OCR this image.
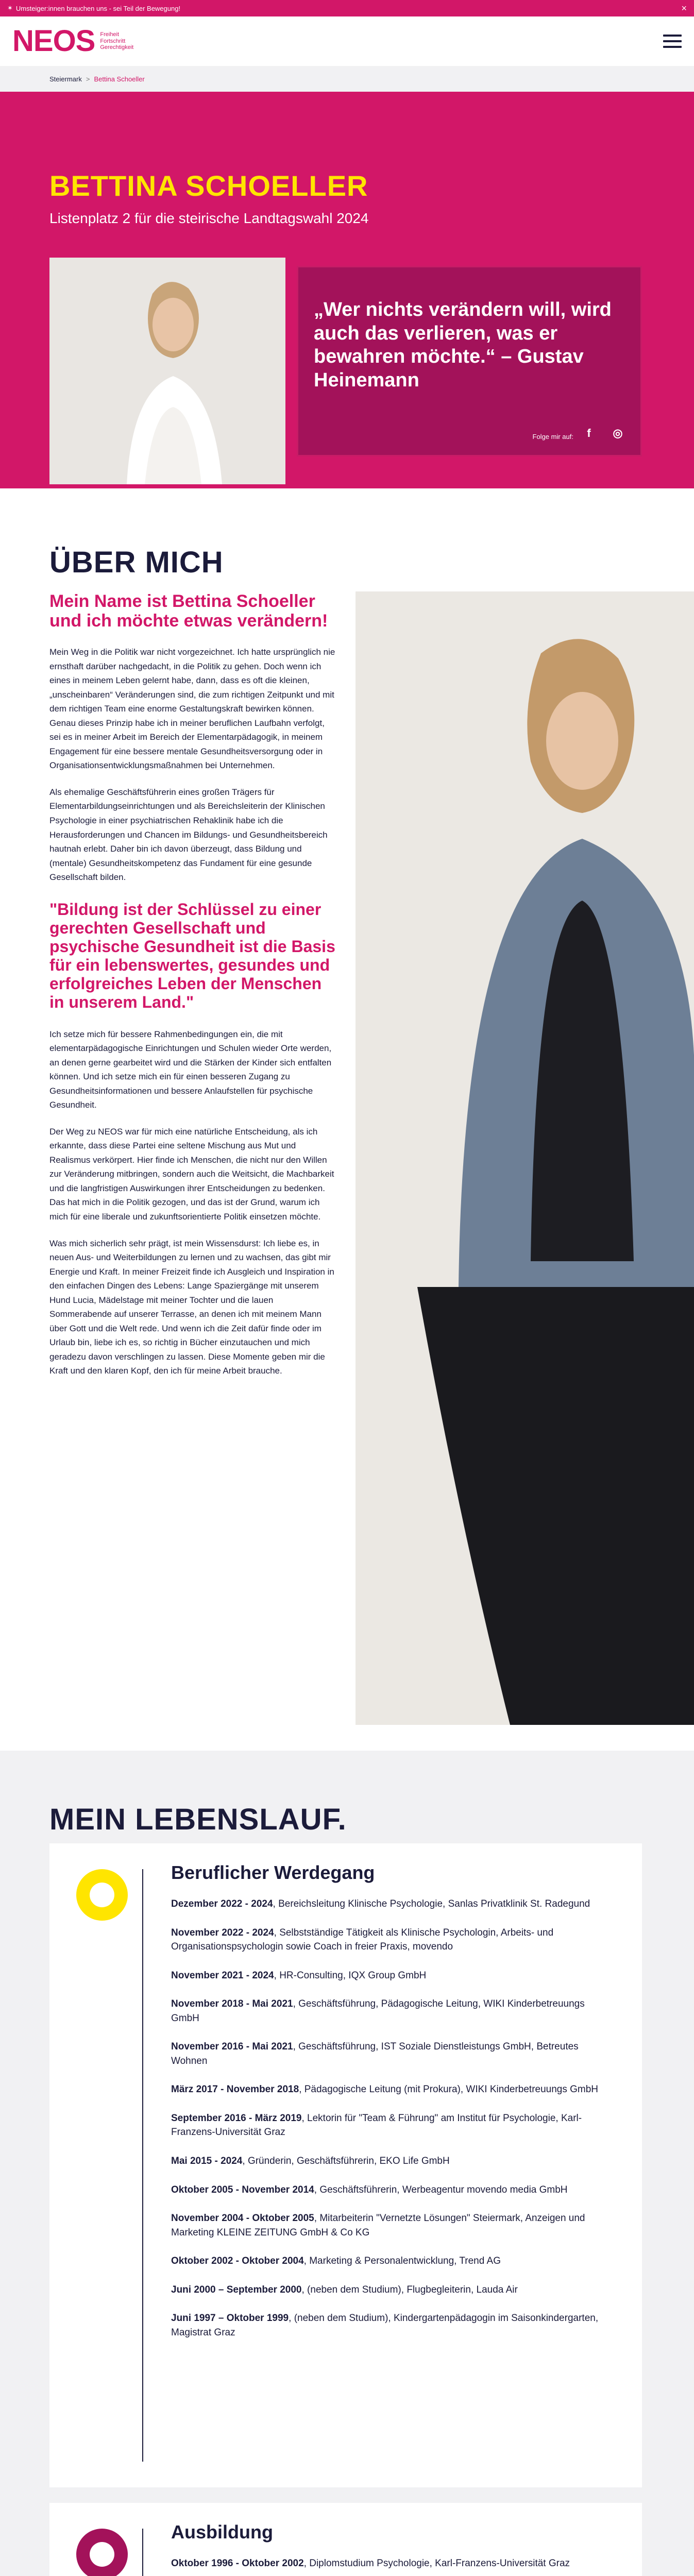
✶ Umsteiger:innen brauchen uns - sei Teil der Bewegung!	×
NEOS Freiheit
Fortschritt
Gerechtigkeit
Steiermark > Bettina Schoeller
BETTINA SCHOELLER
Listenplatz 2 für die steirische Landtagswahl 2024
„Wer nichts verändern will, wird auch das verlieren, was er bewahren möchte.“ – Gustav Heinemann
Folge mir auf:	f	◎
ÜBER MICH
Mein Name ist Bettina Schoeller und ich möchte etwas verändern!

Mein Weg in die Politik war nicht vorgezeichnet. Ich hatte ursprünglich nie ernsthaft darüber nachgedacht, in die Politik zu gehen. Doch wenn ich eines in meinem Leben gelernt habe, dann, dass es oft die kleinen, „unscheinbaren“ Veränderungen sind, die zum richtigen Zeitpunkt und mit dem richtigen Team eine enorme Gestaltungskraft bewirken können. Genau dieses Prinzip habe ich in meiner beruflichen Laufbahn verfolgt, sei es in meiner Arbeit im Bereich der Elementarpädagogik, in meinem Engagement für eine bessere mentale Gesundheitsversorgung oder in Organisationsentwicklungsmaßnahmen bei Unternehmen.

Als ehemalige Geschäftsführerin eines großen Trägers für Elementarbildungseinrichtungen und als Bereichsleiterin der Klinischen Psychologie in einer psychiatrischen Rehaklinik habe ich die Herausforderungen und Chancen im Bildungs- und Gesundheitsbereich hautnah erlebt. Daher bin ich davon überzeugt, dass Bildung und (mentale) Gesundheitskompetenz das Fundament für eine gesunde Gesellschaft bilden.

"Bildung ist der Schlüssel zu einer gerechten Gesellschaft und psychische Gesundheit ist die Basis für ein lebenswertes, gesundes und erfolgreiches Leben der Menschen in unserem Land."

Ich setze mich für bessere Rahmenbedingungen ein, die mit elementarpädagogische Einrichtungen und Schulen wieder Orte werden, an denen gerne gearbeitet wird und die Stärken der Kinder sich entfalten können. Und ich setze mich ein für einen besseren Zugang zu Gesundheitsinformationen und bessere Anlaufstellen für psychische Gesundheit.

Der Weg zu NEOS war für mich eine natürliche Entscheidung, als ich erkannte, dass diese Partei eine seltene Mischung aus Mut und Realismus verkörpert. Hier finde ich Menschen, die nicht nur den Willen zur Veränderung mitbringen, sondern auch die Weitsicht, die Machbarkeit und die langfristigen Auswirkungen ihrer Entscheidungen zu bedenken. Das hat mich in die Politik gezogen, und das ist der Grund, warum ich mich für eine liberale und zukunftsorientierte Politik einsetzen möchte.

Was mich sicherlich sehr prägt, ist mein Wissensdurst: Ich liebe es, in neuen Aus- und Weiterbildungen zu lernen und zu wachsen, das gibt mir Energie und Kraft. In meiner Freizeit finde ich Ausgleich und Inspiration in den einfachen Dingen des Lebens: Lange Spaziergänge mit unserem Hund Lucia, Mädelstage mit meiner Tochter und die lauen Sommerabende auf unserer Terrasse, an denen ich mit meinem Mann über Gott und die Welt rede. Und wenn ich die Zeit dafür finde oder im Urlaub bin, liebe ich es, so richtig in Bücher einzutauchen und mich geradezu davon verschlingen zu lassen. Diese Momente geben mir die Kraft und den klaren Kopf, den ich für meine Arbeit brauche.

MEIN LEBENSLAUF.
Beruflicher Werdegang
Dezember 2022 - 2024, Bereichsleitung Klinische Psychologie, Sanlas Privatklinik St. Radegund
November 2022 - 2024, Selbstständige Tätigkeit als Klinische Psychologin, Arbeits- und Organisationspsychologin sowie Coach in freier Praxis, movendo
November 2021 - 2024, HR-Consulting, IQX Group GmbH
November 2018 - Mai 2021, Geschäftsführung, Pädagogische Leitung, WIKI Kinderbetreuungs GmbH
November 2016 - Mai 2021, Geschäftsführung, IST Soziale Dienstleistungs GmbH, Betreutes Wohnen
März 2017 - November 2018, Pädagogische Leitung (mit Prokura), WIKI Kinderbetreuungs GmbH
September 2016 - März 2019, Lektorin für "Team & Führung" am Institut für Psychologie, Karl-Franzens-Universität Graz
Mai 2015 - 2024, Gründerin, Geschäftsführerin, EKO Life GmbH
Oktober 2005 - November 2014, Geschäftsführerin, Werbeagentur movendo media GmbH
November 2004 - Oktober 2005, Mitarbeiterin "Vernetzte Lösungen" Steiermark, Anzeigen und Marketing KLEINE ZEITUNG GmbH & Co KG
Oktober 2002 - Oktober 2004, Marketing & Personalentwicklung, Trend AG
Juni 2000 – September 2000, (neben dem Studium), Flugbegleiterin, Lauda Air
Juni 1997 – Oktober 1999, (neben dem Studium), Kindergartenpädagogin im Saisonkindergarten, Magistrat Graz
Ausbildung
Oktober 1996 - Oktober 2002, Diplomstudium Psychologie, Karl-Franzens-Universität Graz
